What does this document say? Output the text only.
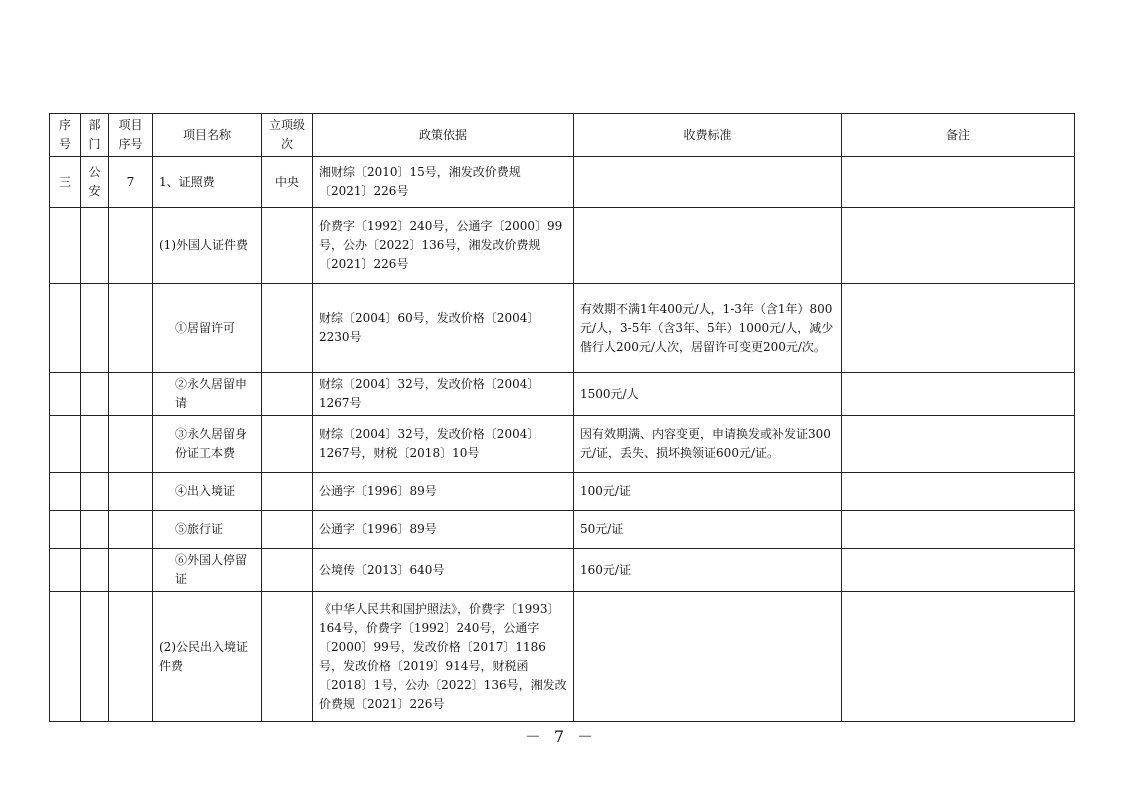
序号	部门	项目序号	项目名称	立项级次	政策依据	收费标准	备注
三	公安	7	1、证照费	中央	湘财综〔2010〕15号，湘发改价费规〔2021〕226号		
			(1)外国人证件费		价费字〔1992〕240号，公通字〔2000〕99号，公办〔2022〕136号，湘发改价费规〔2021〕226号		
			①居留许可		财综〔2004〕60号，发改价格〔2004〕2230号	有效期不满1年400元/人，1-3年（含1年）800元/人，3-5年（含3年、5年）1000元/人，减少偕行人200元/人次，居留许可变更200元/次。	
			②永久居留申请		财综〔2004〕32号，发改价格〔2004〕1267号	1500元/人	
			③永久居留身份证工本费		财综〔2004〕32号，发改价格〔2004〕1267号，财税〔2018〕10号	因有效期满、内容变更，申请换发或补发证300元/证，丢失、损坏换领证600元/证。	
			④出入境证		公通字〔1996〕89号	100元/证	
			⑤旅行证		公通字〔1996〕89号	50元/证	
			⑥外国人停留证		公境传〔2013〕640号	160元/证	
			(2)公民出入境证件费		《中华人民共和国护照法》，价费字〔1993〕164号，价费字〔1992〕240号，公通字〔2000〕99号，发改价格〔2017〕1186号，发改价格〔2019〕914号，财税函〔2018〕1号，公办〔2022〕136号，湘发改价费规〔2021〕226号		
－ 7 －
